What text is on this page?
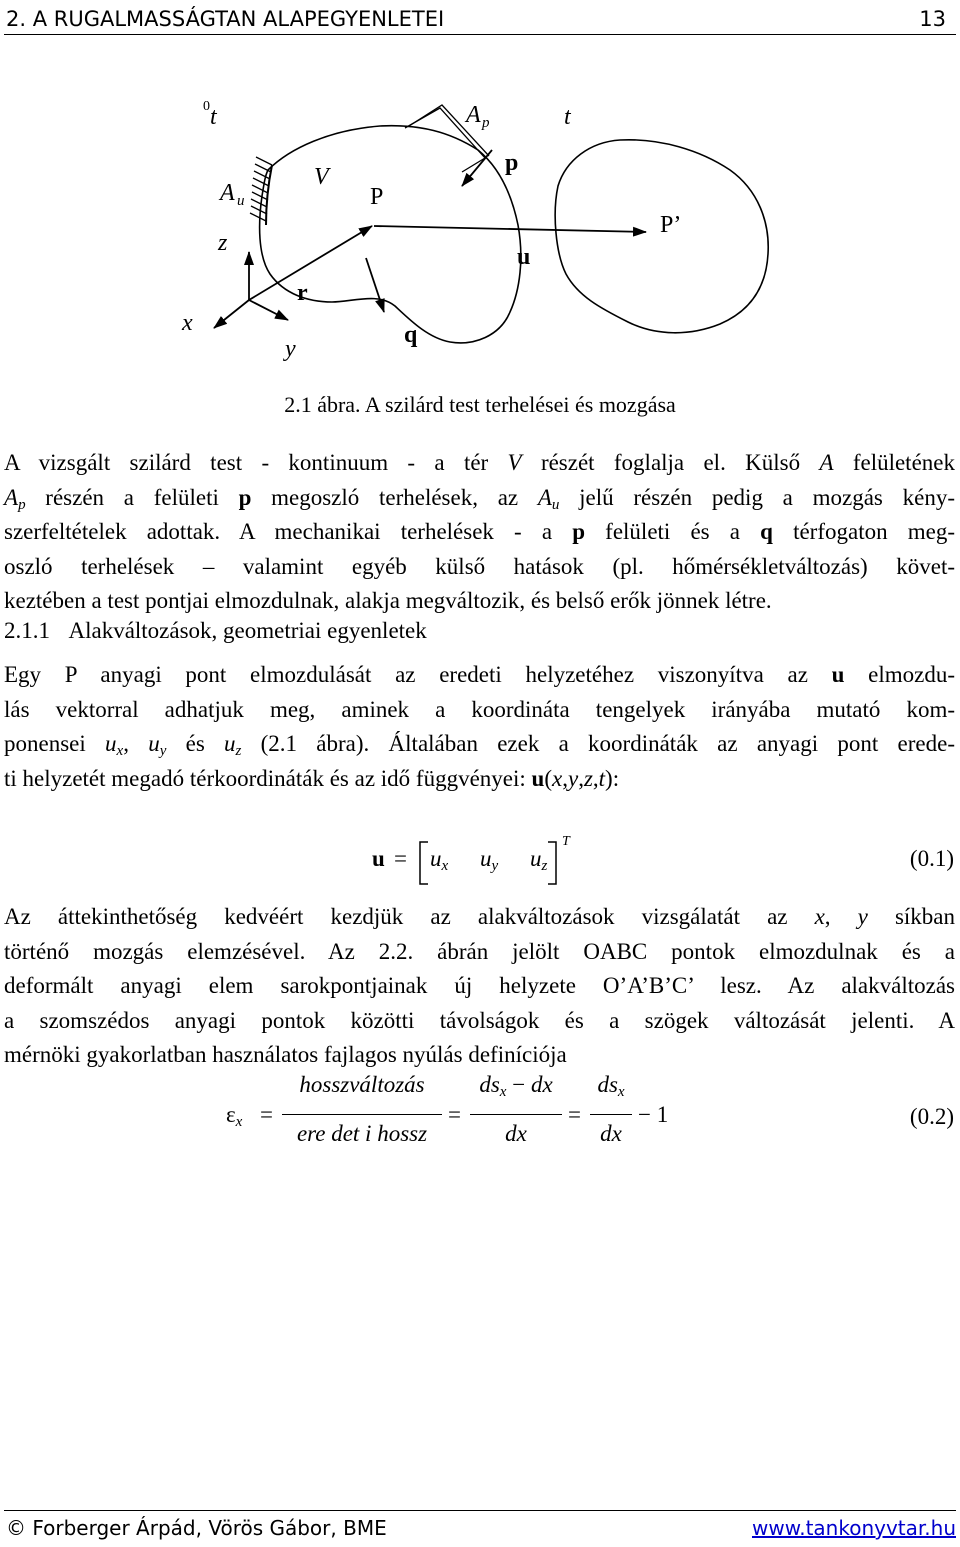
2. A RUGALMASSÁGTAN ALAPEGYENLETEI	13
0 t	A p	t
A u
V
P
p
u
P’
z
r
x
y
q
2.1 ábra. A szilárd test terhelései és mozgása
A vizsgált szilárd test - kontinuum - a tér V részét foglalja el. Külső A felületének
$A_p$ részén a felületi p megoszló terhelések, az $A_u$ jelű részén pedig a mozgás kény-
szerfeltételek adottak. A mechanikai terhelések - a p felületi és a q térfogaton meg-
oszló terhelések – valamint egyéb külső hatások (pl. hőmérsékletváltozás) követ-
keztében a test pontjai elmozdulnak, alakja megváltozik, és belső erők jönnek létre.
2.1.1 Alakváltozások, geometriai egyenletek
Egy P anyagi pont elmozdulását az eredeti helyzetéhez viszonyítva az u elmozdu-
lás vektorral adhatjuk meg, aminek a koordináta tengelyek irányába mutató kom-
ponensei $u_x$, $u_y$ és $u_z$ (2.1 ábra). Általában ezek a koordináták az anyagi pont erede-
ti helyzetét megadó térkoordináták és az idő függvényei: u(x,y,z,t):
$u = u_x$ $u_y$ $u_z$
T
(0.1)
Az áttekinthetőség kedvéért kezdjük az alakváltozások vizsgálatát az x, y síkban
történő mozgás elemzésével. Az 2.2. ábrán jelölt OABC pontok elmozdulnak és a
deformált anyagi elem sarokpontjainak új helyzete O’A’B’C’ lesz. Az alakváltozás
a szomszédos anyagi pontok közötti távolságok és a szögek változását jelenti. A
mérnöki gyakorlatban használatos fajlagos nyúlás definíciója
$\varepsilon_x$ =
hosszváltozás
ere det i hossz
=
$ds_x$ − dx
dx
=
$ds_x$
dx
− 1	(0.2)
© Forberger Árpád, Vörös Gábor, BME	www.tankonyvtar.hu
